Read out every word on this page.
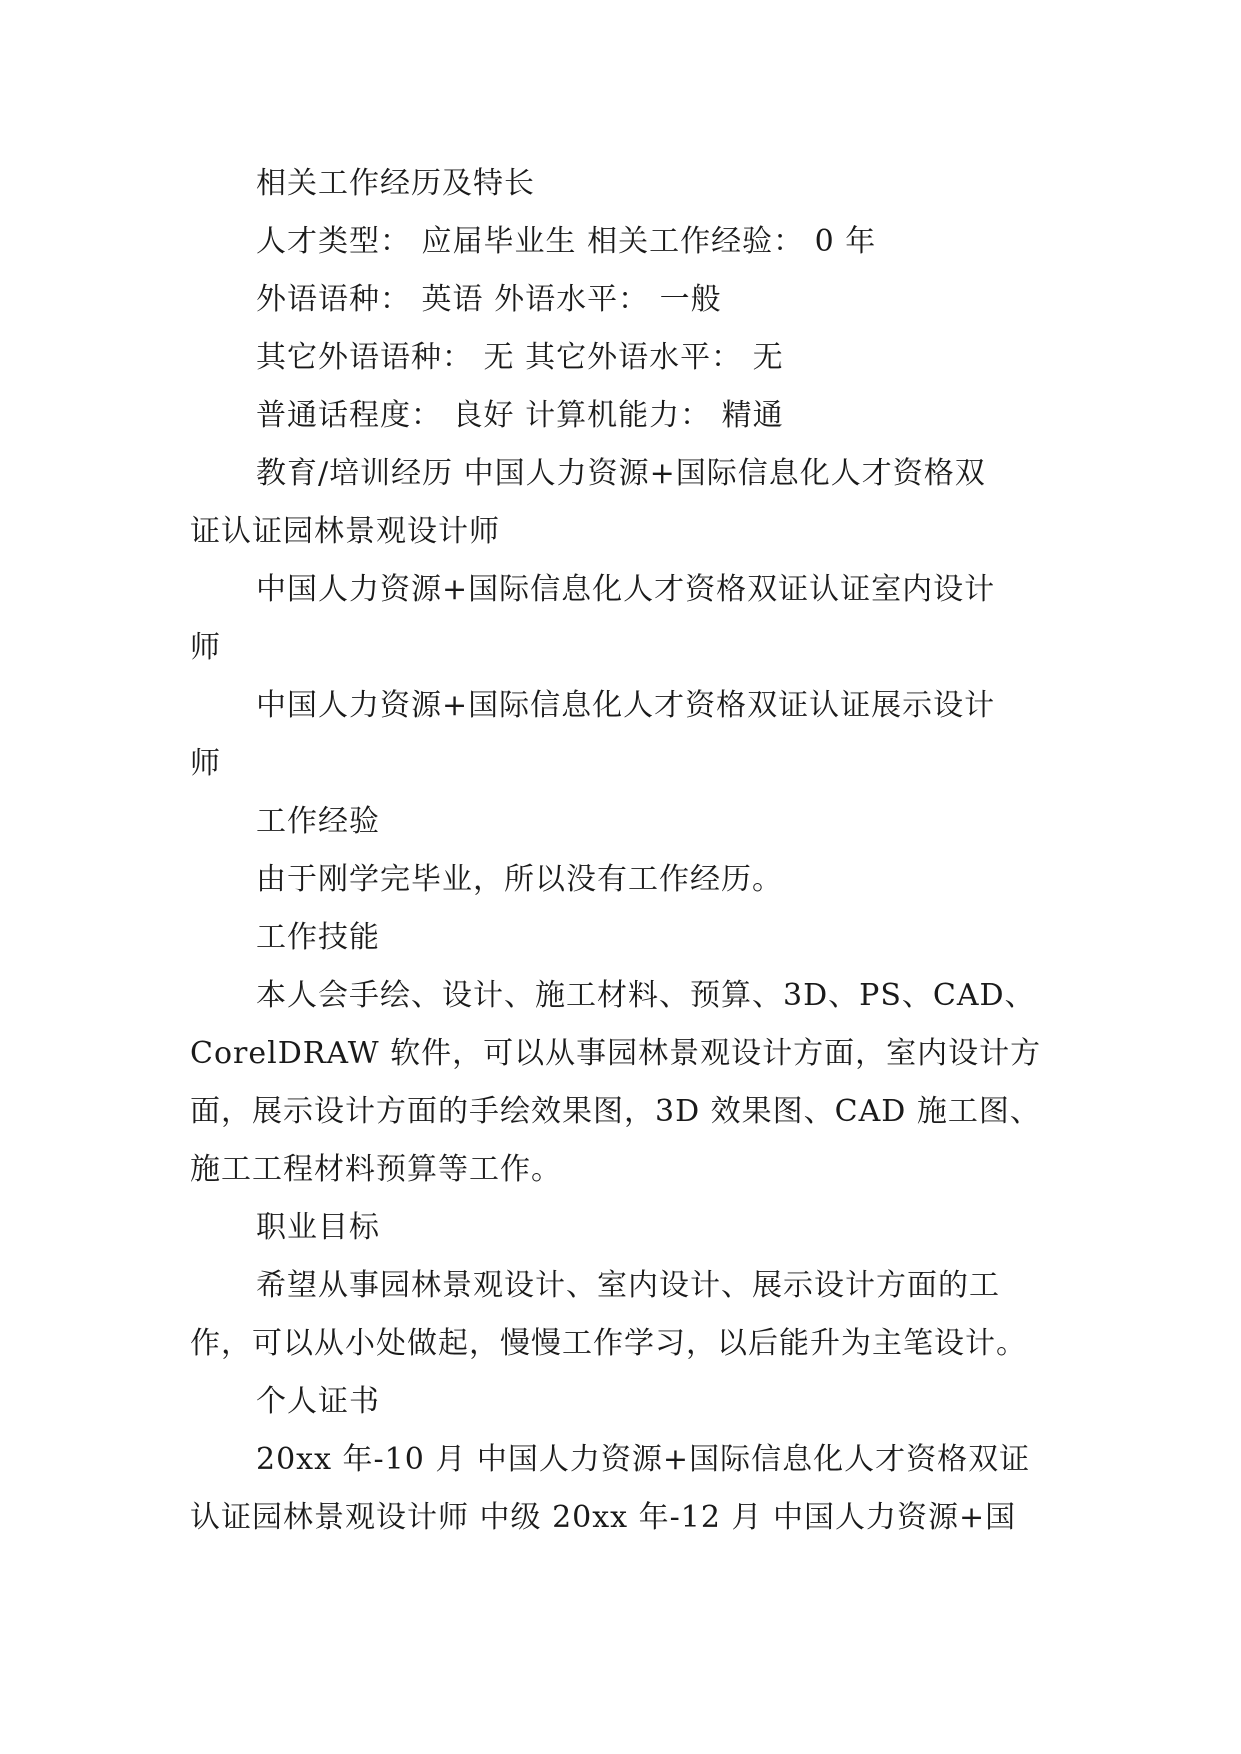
相关工作经历及特长
人才类型： 应届毕业生 相关工作经验： 0 年
外语语种： 英语 外语水平： 一般
其它外语语种： 无 其它外语水平： 无
普通话程度： 良好 计算机能力： 精通
教育/培训经历 中国人力资源+国际信息化人才资格双
证认证园林景观设计师
中国人力资源+国际信息化人才资格双证认证室内设计
师
中国人力资源+国际信息化人才资格双证认证展示设计
师
工作经验
由于刚学完毕业，所以没有工作经历。
工作技能
本人会手绘、设计、施工材料、预算、3D、PS、CAD、
CorelDRAW 软件，可以从事园林景观设计方面，室内设计方
面，展示设计方面的手绘效果图，3D 效果图、CAD 施工图、
施工工程材料预算等工作。
职业目标
希望从事园林景观设计、室内设计、展示设计方面的工
作，可以从小处做起，慢慢工作学习，以后能升为主笔设计。
个人证书
20xx 年-10 月 中国人力资源+国际信息化人才资格双证
认证园林景观设计师 中级 20xx 年-12 月 中国人力资源+国
